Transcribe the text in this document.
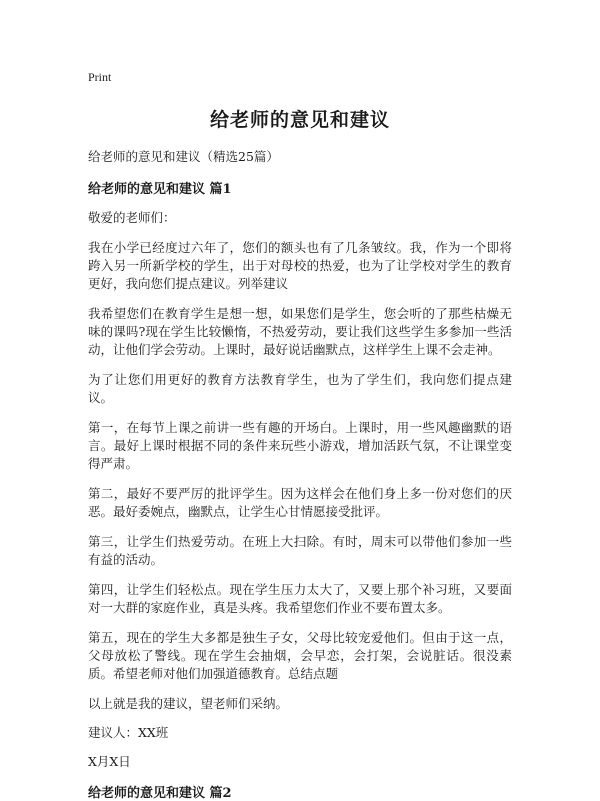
Print
给老师的意见和建议
给老师的意见和建议（精选25篇）
给老师的意见和建议 篇1

敬爱的老师们：

我在小学已经度过六年了，您们的额头也有了几条皱纹。我，作为一个即将跨入另一所新学校的学生，出于对母校的热爱，也为了让学校对学生的教育更好，我向您们提点建议。列举建议

我希望您们在教育学生是想一想，如果您们是学生，您会听的了那些枯燥无味的课吗?现在学生比较懒惰，不热爱劳动，要让我们这些学生多参加一些活动，让他们学会劳动。上课时，最好说话幽默点，这样学生上课不会走神。

为了让您们用更好的教育方法教育学生，也为了学生们，我向您们提点建议。

第一，在每节上课之前讲一些有趣的开场白。上课时，用一些风趣幽默的语言。最好上课时根据不同的条件来玩些小游戏，增加活跃气氛，不让课堂变得严肃。

第二，最好不要严厉的批评学生。因为这样会在他们身上多一份对您们的厌恶。最好委婉点，幽默点，让学生心甘情愿接受批评。

第三，让学生们热爱劳动。在班上大扫除。有时，周末可以带他们参加一些有益的活动。

第四，让学生们轻松点。现在学生压力太大了，又要上那个补习班，又要面对一大群的家庭作业，真是头疼。我希望您们作业不要布置太多。

第五，现在的学生大多都是独生子女，父母比较宠爱他们。但由于这一点，父母放松了警线。现在学生会抽烟，会早恋，会打架，会说脏话。很没素质。希望老师对他们加强道德教育。总结点题

以上就是我的建议，望老师们采纳。

建议人：XX班

X月X日

给老师的意见和建议 篇2
